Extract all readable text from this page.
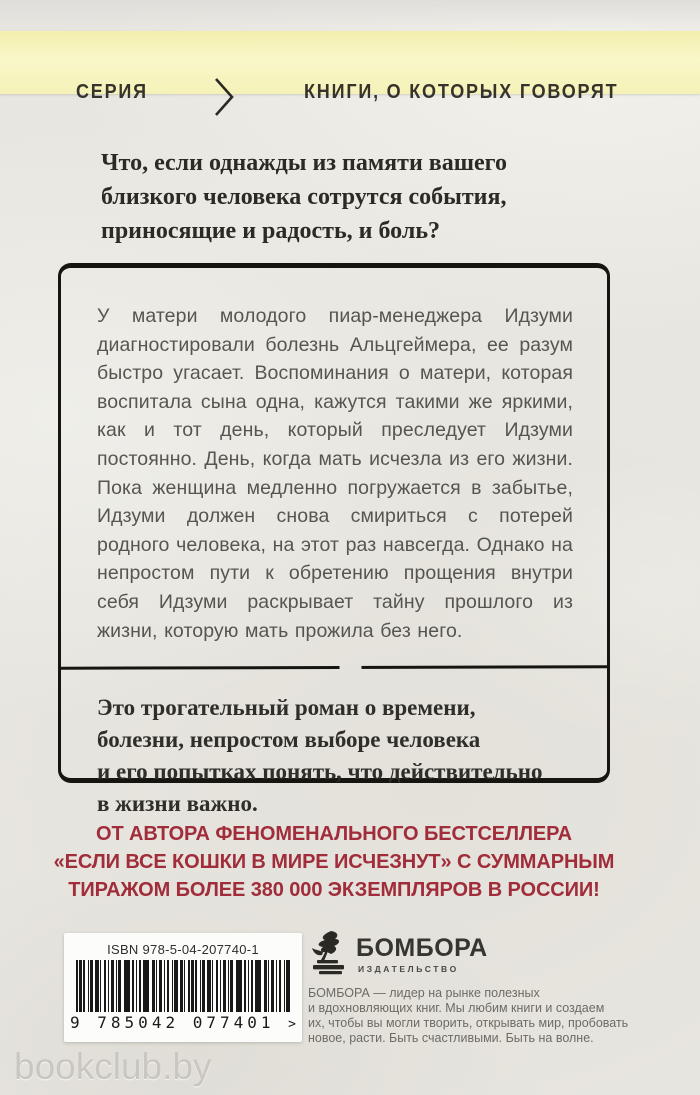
СЕРИЯ	КНИГИ, О КОТОРЫХ ГОВОРЯТ
Что, если однажды из памяти вашего
близкого человека сотрутся события,
приносящие и радость, и боль?

У матери молодого пиар-менеджера Идзуми диагностировали болезнь Альцгеймера, ее разум быстро угасает. Воспоминания о матери, которая воспитала сына одна, кажутся такими же яркими, как и тот день, который преследует Идзуми постоянно. День, когда мать исчезла из его жизни. Пока женщина медленно погружается в забытье, Идзуми должен снова смириться с потерей родного человека, на этот раз навсегда. Однако на непростом пути к обретению прощения внутри себя Идзуми раскрывает тайну прошлого из жизни, которую мать прожила без него.

Это трогательный роман о времени,
болезни, непростом выборе человека
и его попытках понять, что действительно
в жизни важно.
ОТ АВТОРА ФЕНОМЕНАЛЬНОГО БЕСТСЕЛЛЕРА
«ЕСЛИ ВСЕ КОШКИ В МИРЕ ИСЧЕЗНУТ» С СУММАРНЫМ
ТИРАЖОМ БОЛЕЕ 380 000 ЭКЗЕМПЛЯРОВ В РОССИИ!
ISBN 978-5-04-207740-1
9 785042 077401 >
БОМБОРА
ИЗДАТЕЛЬСТВО
БОМБОРА — лидер на рынке полезных
и вдохновляющих книг. Мы любим книги и создаем
их, чтобы вы могли творить, открывать мир, пробовать
новое, расти. Быть счастливыми. Быть на волне.
bookclub.by
